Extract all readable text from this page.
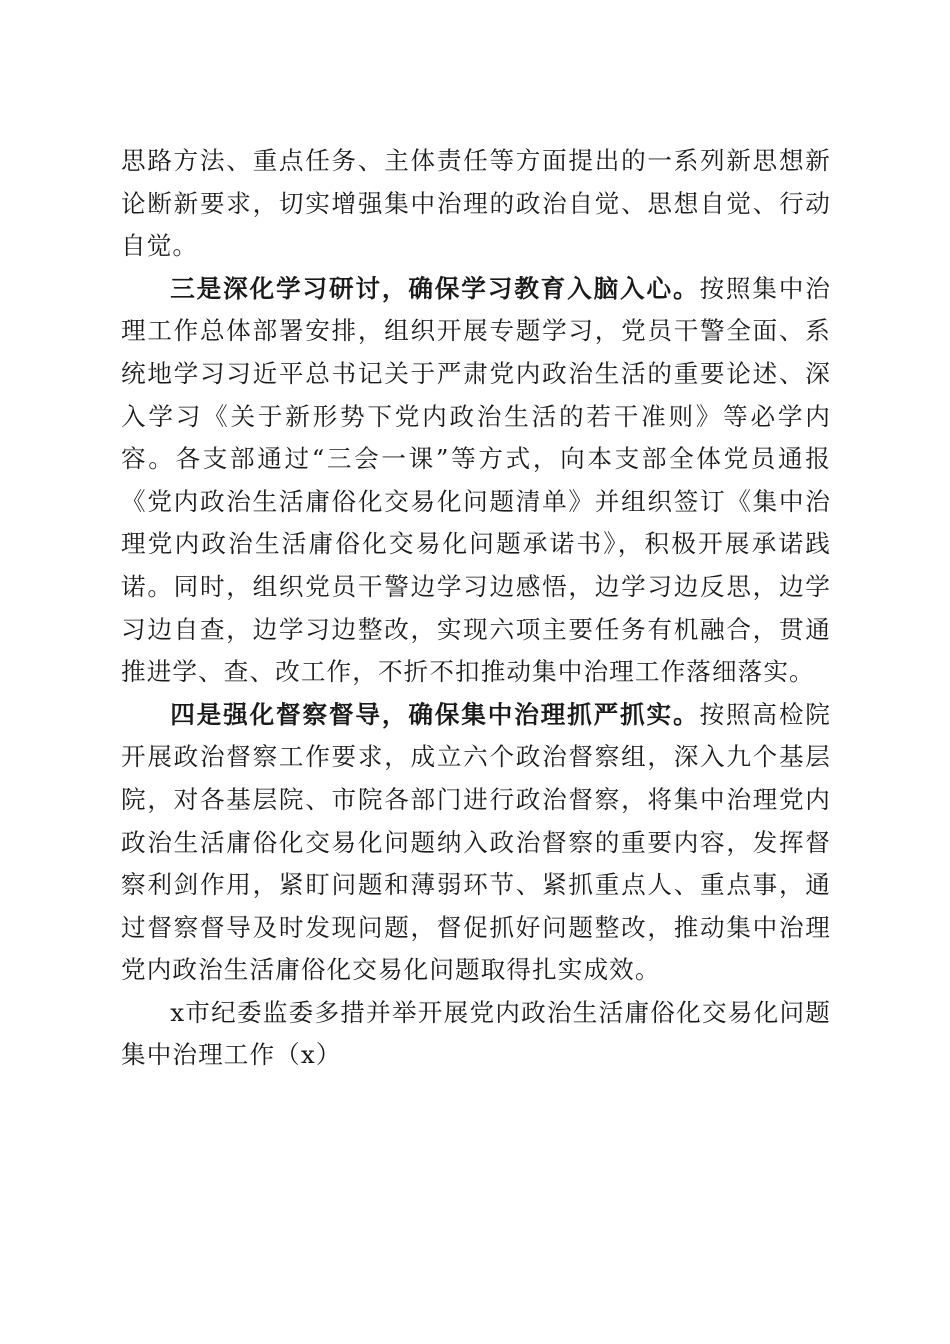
思路方法、重点任务、主体责任等方面提出的一系列新思想新论断新要求，切实增强集中治理的政治自觉、思想自觉、行动自觉。

三是深化学习研讨，确保学习教育入脑入心。按照集中治理工作总体部署安排，组织开展专题学习，党员干警全面、系统地学习习近平总书记关于严肃党内政治生活的重要论述、深入学习《关于新形势下党内政治生活的若干准则》等必学内容。各支部通过“三会一课”等方式，向本支部全体党员通报《党内政治生活庸俗化交易化问题清单》并组织签订《集中治理党内政治生活庸俗化交易化问题承诺书》，积极开展承诺践诺。同时，组织党员干警边学习边感悟，边学习边反思，边学习边自查，边学习边整改，实现六项主要任务有机融合，贯通推进学、查、改工作，不折不扣推动集中治理工作落细落实。

四是强化督察督导，确保集中治理抓严抓实。按照高检院开展政治督察工作要求，成立六个政治督察组，深入九个基层院，对各基层院、市院各部门进行政治督察，将集中治理党内政治生活庸俗化交易化问题纳入政治督察的重要内容，发挥督察利剑作用，紧盯问题和薄弱环节、紧抓重点人、重点事，通过督察督导及时发现问题，督促抓好问题整改，推动集中治理党内政治生活庸俗化交易化问题取得扎实成效。

x市纪委监委多措并举开展党内政治生活庸俗化交易化问题集中治理工作（x）
